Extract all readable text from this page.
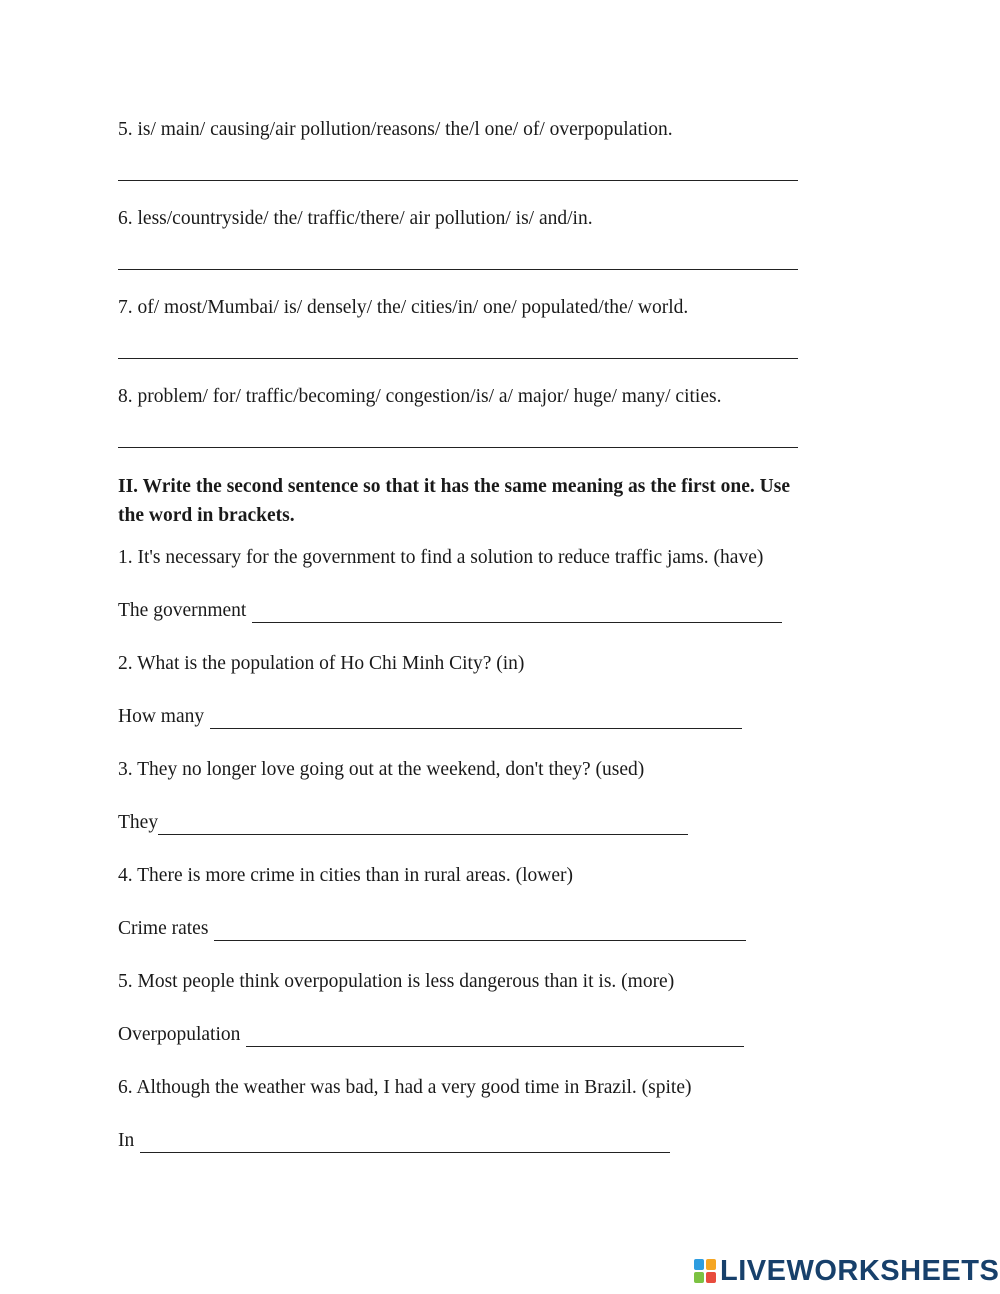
5. is/ main/ causing/air pollution/reasons/ the/l one/ of/ overpopulation.
6. less/countryside/ the/ traffic/there/ air pollution/ is/ and/in.
7. of/ most/Mumbai/ is/ densely/ the/ cities/in/ one/ populated/the/ world.
8. problem/ for/ traffic/becoming/ congestion/is/ a/ major/ huge/ many/ cities.
II. Write the second sentence so that it has the same meaning as the first one. Use
the word in brackets.
1. It's necessary for the government to find a solution to reduce traffic jams. (have)
The government
2. What is the population of Ho Chi Minh City? (in)
How many
3. They no longer love going out at the weekend, don't they? (used)
They
4. There is more crime in cities than in rural areas. (lower)
Crime rates
5. Most people think overpopulation is less dangerous than it is. (more)
Overpopulation
6. Although the weather was bad, I had a very good time in Brazil. (spite)
In
LIVEWORKSHEETS
